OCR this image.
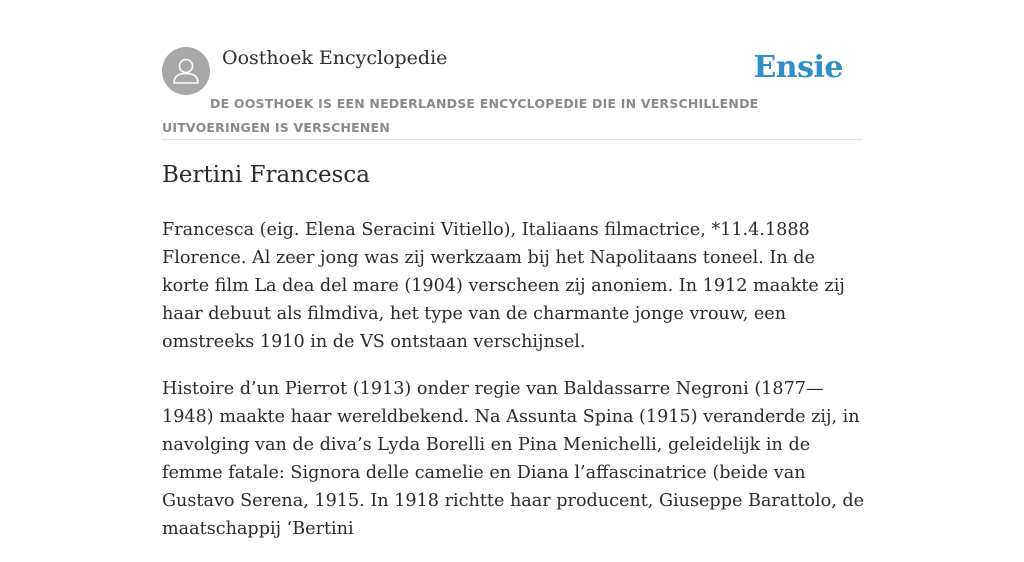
Oosthoek Encyclopedie	Ensie
DE OOSTHOEK IS EEN NEDERLANDSE ENCYCLOPEDIE DIE IN VERSCHILLENDE UITVOERINGEN IS VERSCHENEN
Bertini Francesca

Francesca (eig. Elena Seracini Vitiello), Italiaans filmactrice, *11.4.1888 Florence. Al zeer jong was zij werkzaam bij het Napolitaans toneel. In de korte film La dea del mare (1904) verscheen zij anoniem. In 1912 maakte zij haar debuut als filmdiva, het type van de charmante jonge vrouw, een omstreeks 1910 in de VS ontstaan verschijnsel.

Histoire d’un Pierrot (1913) onder regie van Baldassarre Negroni (1877—1948) maakte haar wereldbekend. Na Assunta Spina (1915) veranderde zij, in navolging van de diva’s Lyda Borelli en Pina Menichelli, geleidelijk in de femme fatale: Signora delle camelie en Diana l’affascinatrice (beide van Gustavo Serena, 1915. In 1918 richtte haar producent, Giuseppe Barattolo, de maatschappij ‘Bertini
